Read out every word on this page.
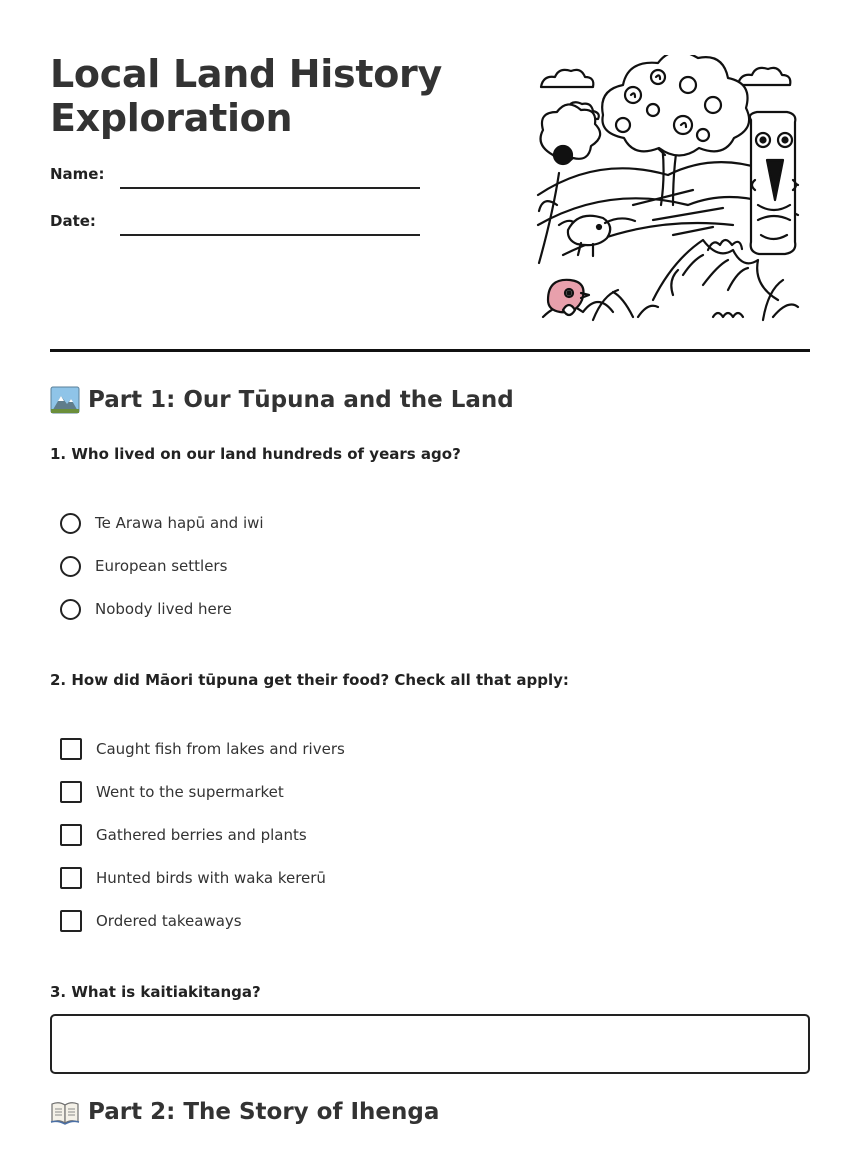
Local Land History Exploration
Name:
Date:
Part 1: Our Tūpuna and the Land
1. Who lived on our land hundreds of years ago?
Te Arawa hapū and iwi
European settlers
Nobody lived here
2. How did Māori tūpuna get their food? Check all that apply:
Caught fish from lakes and rivers
Went to the supermarket
Gathered berries and plants
Hunted birds with waka kererū
Ordered takeaways
3. What is kaitiakitanga?
Part 2: The Story of Ihenga
